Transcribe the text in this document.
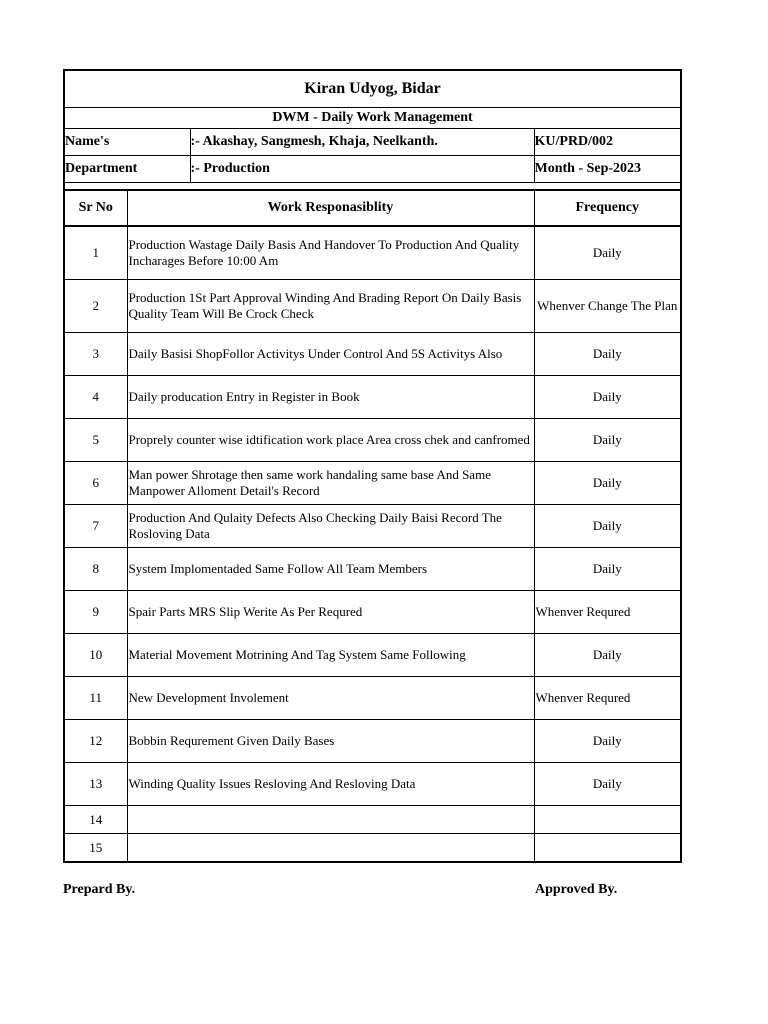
Kiran Udyog, Bidar			
DWM - Daily Work Management			
Name's		:- Akashay, Sangmesh, Khaja, Neelkanth.	KU/PRD/002
Department		:- Production	Month - Sep-2023

Sr No	Work Responasiblity		Frequency
1	Production Wastage Daily Basis And Handover To Production And Quality Incharages Before 10:00 Am		Daily
2	Production 1St Part Approval Winding And Brading Report On Daily Basis Quality Team Will Be Crock Check		Whenver Change The Plan
3	Daily Basisi ShopFollor Activitys Under Control And 5S Activitys Also		Daily
4	Daily producation Entry in Register in Book		Daily
5	Proprely counter wise idtification work place Area cross chek and canfromed		Daily
6	Man power Shrotage then same work handaling same base And Same Manpower Alloment Detail's Record		Daily
7	Production And Qulaity Defects Also Checking Daily Baisi Record The Rosloving Data		Daily
8	System Implomentaded Same Follow All Team Members		Daily
9	Spair Parts MRS Slip Werite As Per Requred		Whenver Requred
10	Material Movement Motrining And Tag System Same Following		Daily
11	New Development Involement		Whenver Requred
12	Bobbin Requrement Given Daily Bases		Daily
13	Winding Quality Issues Resloving And Resloving Data		Daily
14			
15			
Prepard By.	Approved By.
